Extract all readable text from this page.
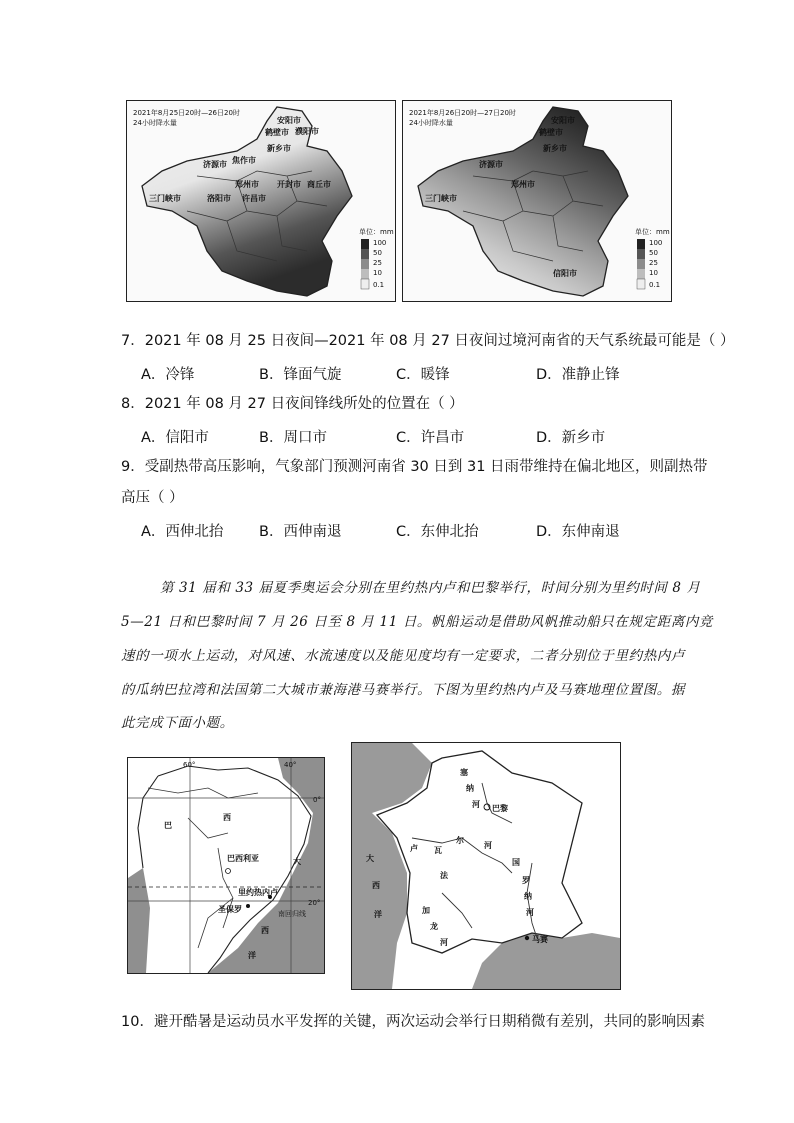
2021年8月25日20时—26日20时
24小时降水量	安阳市
鹤壁市 濮阳市
新乡市
焦作市
济源市
郑州市 开封市 商丘市
洛阳市
三门峡市	许昌市
单位：mm
100
50
25
10
0.1
2021年8月26日20时—27日20时
24小时降水量	安阳市
鹤壁市
新乡市
济源市
郑州市
三门峡市
信阳市
单位：mm
100
50
25
10
0.1
7．2021 年 08 月 25 日夜间—2021 年 08 月 27 日夜间过境河南省的天气系统最可能是（ ）
A．冷锋	B．锋面气旋	C．暖锋	D．准静止锋
8．2021 年 08 月 27 日夜间锋线所处的位置在（ ）
A．信阳市	B．周口市	C．许昌市	D．新乡市
9．受副热带高压影响，气象部门预测河南省 30 日到 31 日雨带维持在偏北地区，则副热带
高压（ ）
A．西伸北抬 B．西伸南退	C．东伸北抬	D．东伸南退
第 31 届和 33 届夏季奥运会分别在里约热内卢和巴黎举行，时间分别为里约时间 8 月
5—21 日和巴黎时间 7 月 26 日至 8 月 11 日。帆船运动是借助风帆推动船只在规定距离内竞
速的一项水上运动，对风速、水流速度以及能见度均有一定要求，二者分别位于里约热内卢
的瓜纳巴拉湾和法国第二大城市兼海港马赛举行。下图为里约热内卢及马赛地理位置图。据
此完成下面小题。
60°	40°
0°
20°
巴
西
巴西利亚
里约热内卢
圣保罗	南回归线
大
西
洋
塞
纳
河 巴黎
卢 瓦
尔
河
法
国
大
西
洋	加
龙
河
罗
纳
河
马赛
10．避开酷暑是运动员水平发挥的关键，两次运动会举行日期稍微有差别，共同的影响因素
